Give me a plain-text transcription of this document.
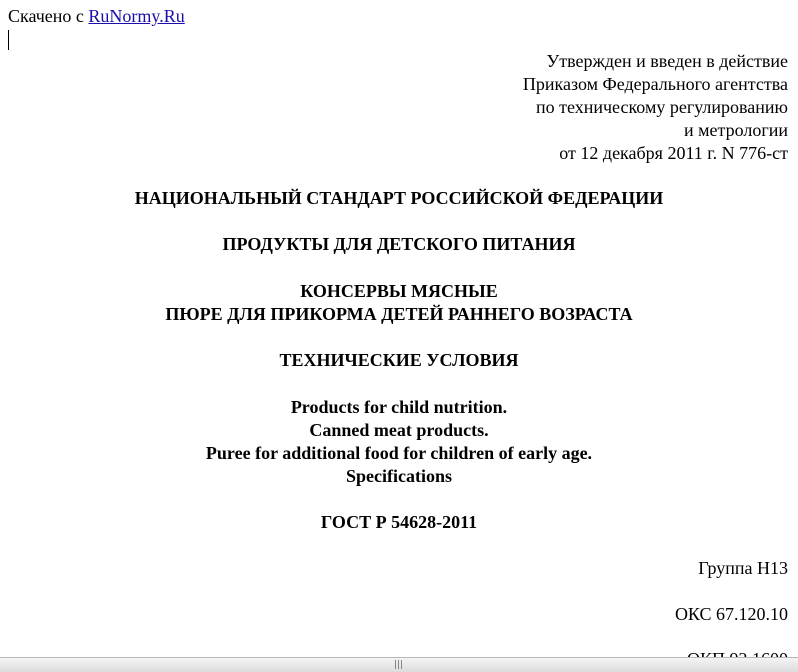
Скачено с RuNormy.Ru
Утвержден и введен в действие
Приказом Федерального агентства
по техническому регулированию
и метрологии
от 12 декабря 2011 г. N 776-ст
НАЦИОНАЛЬНЫЙ СТАНДАРТ РОССИЙСКОЙ ФЕДЕРАЦИИ
ПРОДУКТЫ ДЛЯ ДЕТСКОГО ПИТАНИЯ
КОНСЕРВЫ МЯСНЫЕ
ПЮРЕ ДЛЯ ПРИКОРМА ДЕТЕЙ РАННЕГО ВОЗРАСТА
ТЕХНИЧЕСКИЕ УСЛОВИЯ
Products for child nutrition.
Canned meat products.
Puree for additional food for children of early age.
Specifications
ГОСТ Р 54628-2011
Группа Н13
ОКС 67.120.10
|||
